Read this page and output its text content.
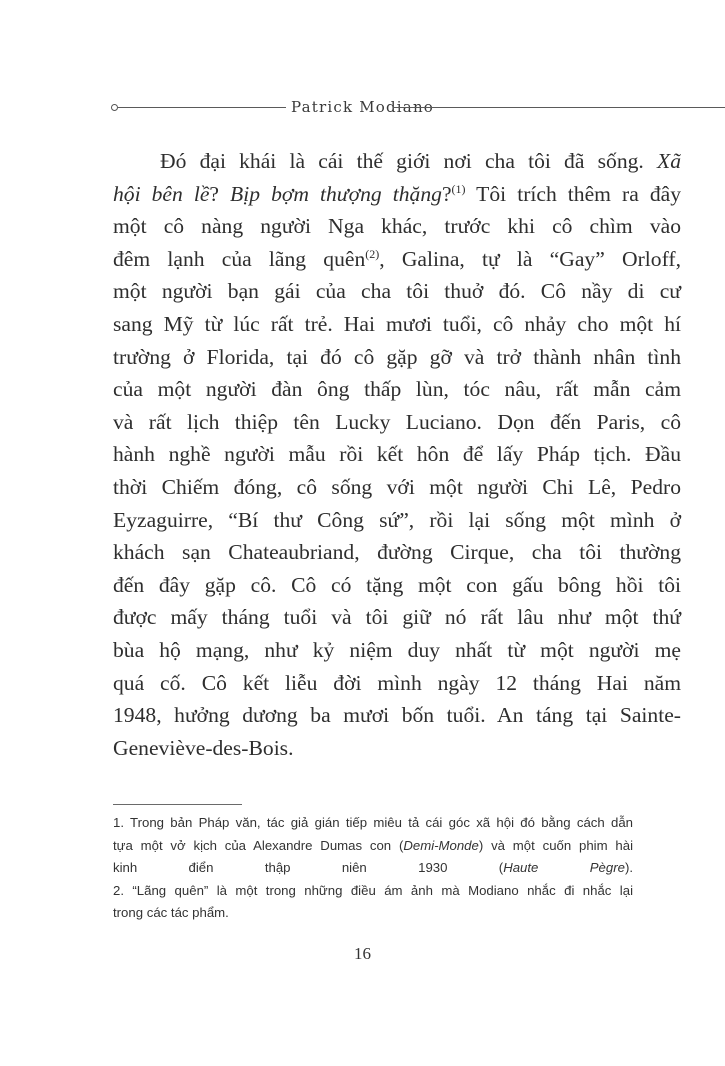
Patrick Modiano
Đó đại khái là cái thế giới nơi cha tôi đã sống. Xã
hội bên lề? Bịp bợm thượng thặng?$^{(1)}$ Tôi trích thêm ra đây
một cô nàng người Nga khác, trước khi cô chìm vào
đêm lạnh của lãng quên$^{(2)}$, Galina, tự là “Gay” Orloff,
một người bạn gái của cha tôi thuở đó. Cô nầy di cư
sang Mỹ từ lúc rất trẻ. Hai mươi tuổi, cô nhảy cho một hí
trường ở Florida, tại đó cô gặp gỡ và trở thành nhân tình
của một người đàn ông thấp lùn, tóc nâu, rất mẫn cảm
và rất lịch thiệp tên Lucky Luciano. Dọn đến Paris, cô
hành nghề người mẫu rồi kết hôn để lấy Pháp tịch. Đầu
thời Chiếm đóng, cô sống với một người Chi Lê, Pedro
Eyzaguirre, “Bí thư Công sứ”, rồi lại sống một mình ở
khách sạn Chateaubriand, đường Cirque, cha tôi thường
đến đây gặp cô. Cô có tặng một con gấu bông hồi tôi
được mấy tháng tuổi và tôi giữ nó rất lâu như một thứ
bùa hộ mạng, như kỷ niệm duy nhất từ một người mẹ
quá cố. Cô kết liễu đời mình ngày 12 tháng Hai năm
1948, hưởng dương ba mươi bốn tuổi. An táng tại Sainte-
Geneviève-des-Bois.
1. Trong bản Pháp văn, tác giả gián tiếp miêu tả cái góc xã hội đó bằng cách dẫn
tựa một vở kịch của Alexandre Dumas con (Demi-Monde) và một cuốn phim hài
kinh điển thập niên 1930 (Haute Pègre).
2. “Lãng quên” là một trong những điều ám ảnh mà Modiano nhắc đi nhắc lại
trong các tác phẩm.
16
